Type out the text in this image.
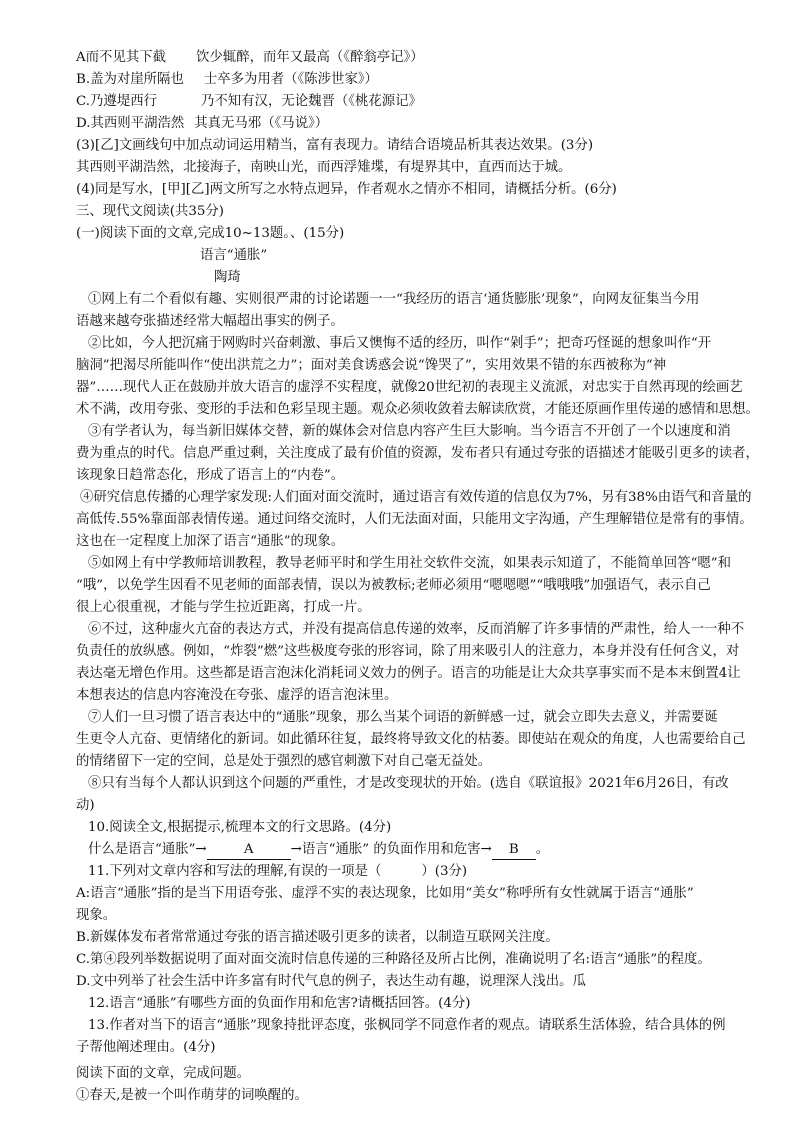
A而不见其下截 饮少辄醉，而年又最高（《醉翁亭记》）
B.盖为对崖所隔也 士卒多为用者（《陈涉世家》）
C.乃遵堤西行	乃不知有汉，无论魏晋（《桃花源记》
D.其西则平湖浩然 其真无马邪（《马说》）
(3)[乙]文画线句中加点动词运用精当，富有表现力。请结合语境品析其表达效果。(3分)
其西则平湖浩然，北接海子，南映山光，而西浮雉堞，有堤界其中，直西而达于城。
(4)同是写水，[甲][乙]两文所写之水特点迥异，作者观水之情亦不相同，请概括分析。(6分)
三、现代文阅读(共35分)
(一)阅读下面的文章,完成10~13题。、(15分)
语言“通胀”
陶琦
①网上有二个看似有趣、实则很严肃的讨论诺题一一“我经历的语言‘通货膨胀’现象”，向网友征集当今用
语越来越夸张描述经常大幅超出事实的例子。
②比如，今人把沉痛于网购时兴奋刺激、事后又懊悔不适的经历，叫作“剁手”；把奇巧怪诞的想象叫作“开
脑洞”把渴尽所能叫作“使出洪荒之力”；面对美食诱惑会说“馋哭了”，实用效果不错的东西被称为“神
器”……现代人正在鼓励并放大语言的虚浮不实程度，就像20世纪初的表现主义流派，对忠实于自然再现的绘画艺
术不满，改用夸张、变形的手法和色彩呈现主题。观众必须收敛着去解读欣赏，才能还原画作里传递的感情和思想。
③有学者认为，每当新旧媒体交替，新的媒体会对信息内容产生巨大影响。当今语言不开创了一个以速度和消
费为重点的时代。信息严重过剩，关注度成了最有价值的资源，发布者只有通过夸张的语描述才能吸引更多的读者，
该现象日趋常态化，形成了语言上的“内卷”。
④研究信息传播的心理学家发现:人们面对面交流时，通过语言有效传道的信息仅为7%，另有38%由语气和音量的
高低传.55%靠面部表情传递。通过问络交流时，人们无法面对面，只能用文字沟通，产生理解错位是常有的事情。
这也在一定程度上加深了语言“通胀”的现象。
⑤如网上有中学教师培训教程，教导老师平时和学生用社交软件交流，如果表示知道了，不能简单回答“嗯”和
“哦”，以免学生因看不见老师的面部表情，误以为被教标;老师必须用“嗯嗯嗯”“哦哦哦”加强语气，表示自己
很上心很重视，才能与学生拉近距离，打成一片。
⑥不过，这种虚火亢奋的表达方式，并没有提高信息传递的效率，反而消解了许多事情的严肃性，给人一一种不
负责任的放纵感。例如，“炸裂”燃”这些极度夸张的形容词，除了用来吸引人的注意力，本身并没有任何含义，对
表达毫无增色作用。这些都是语言泡沫化消耗词义效力的例子。语言的功能是让大众共享事实而不是本末倒置4让
本想表达的信息内容淹没在夸张、虚浮的语言泡沫里。
⑦人们一旦习惯了语言表达中的“通胀”现象，那么当某个词语的新鲜感一过，就会立即失去意义，并需要诞
生更令人亢奋、更情绪化的新词。如此循环往复，最终将导致文化的枯萎。即使站在观众的角度，人也需要给自己
的情绪留下一定的空间，总是处于强烈的感官刺激下对自己毫无益处。
⑧只有当每个人都认识到这个问题的严重性，才是改变现状的开始。(选自《联谊报》2021年6月26日，有改
动)
10.阅读全文,根据提示,梳理本文的行文思路。(4分)
什么是语言“通胀”→	A	→语言“通胀” 的负面作用和危害→ B 。
11.下列对文章内容和写法的理解,有误的一项是（	）(3分)
A:语言“通胀”指的是当下用语夸张、虚浮不实的表达现象，比如用“美女”称呼所有女性就属于语言“通胀”
现象。
B.新媒体发布者常常通过夸张的语言描述吸引更多的读者，以制造互联网关注度。
C.第④段列举数据说明了面对面交流时信息传递的三种路径及所占比例，准确说明了名:语言“通胀”的程度。
D.文中列举了社会生活中许多富有时代气息的例子，表达生动有趣，说理深人浅出。瓜
12.语言“通胀”有哪些方面的负面作用和危害?请概括回答。(4分)
13.作者对当下的语言“通胀”现象持批评态度，张枫同学不同意作者的观点。请联系生活体验，结合具体的例
子帮他阐述理由。(4分)
阅读下面的文章，完成问题。
①春天,是被一个叫作萌芽的词唤醒的。
